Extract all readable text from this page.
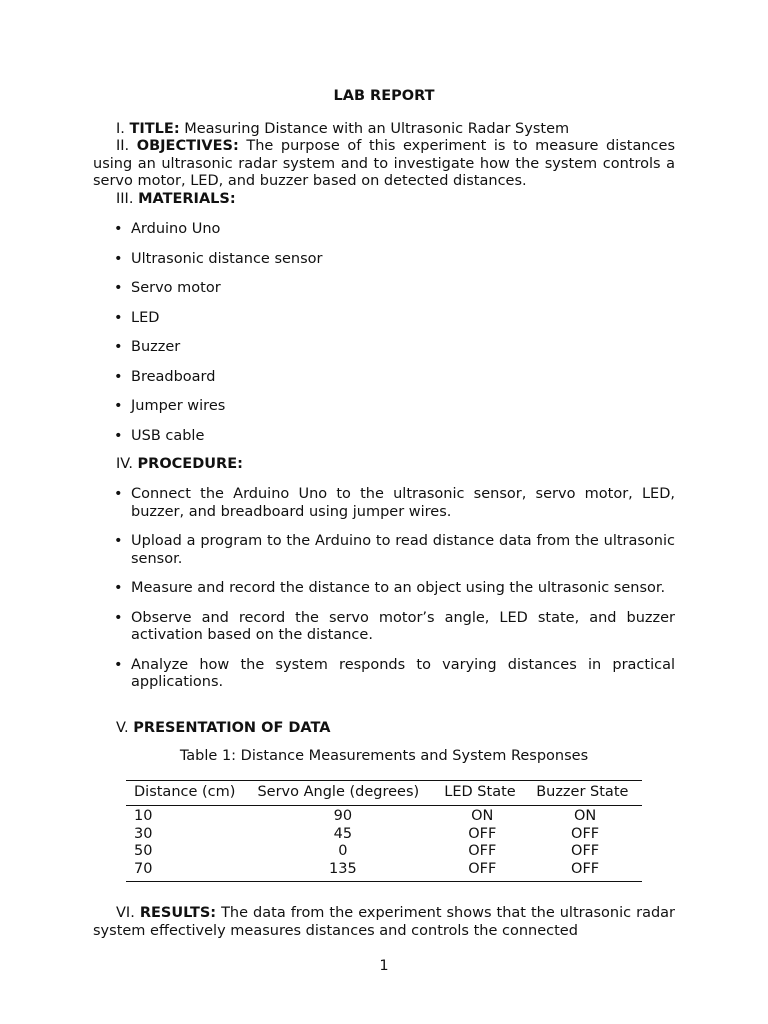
LAB REPORT
I. TITLE: Measuring Distance with an Ultrasonic Radar System
II. OBJECTIVES: The purpose of this experiment is to measure distances using an ultrasonic radar system and to investigate how the system controls a servo motor, LED, and buzzer based on detected distances.
III. MATERIALS:
• Arduino Uno
• Ultrasonic distance sensor
• Servo motor
• LED
• Buzzer
• Breadboard
• Jumper wires
• USB cable
IV. PROCEDURE:
• Connect the Arduino Uno to the ultrasonic sensor, servo motor, LED, buzzer, and breadboard using jumper wires.
• Upload a program to the Arduino to read distance data from the ultrasonic sensor.
• Measure and record the distance to an object using the ultrasonic sensor.
• Observe and record the servo motor’s angle, LED state, and buzzer activation based on the distance.
• Analyze how the system responds to varying distances in practical applications.
V. PRESENTATION OF DATA
Table 1: Distance Measurements and System Responses
Distance (cm)	Servo Angle (degrees)	LED State	Buzzer State
10	90	ON	ON
30	45	OFF	OFF
50	0	OFF	OFF
70	135	OFF	OFF
VI. RESULTS: The data from the experiment shows that the ultrasonic radar system effectively measures distances and controls the connected
1
